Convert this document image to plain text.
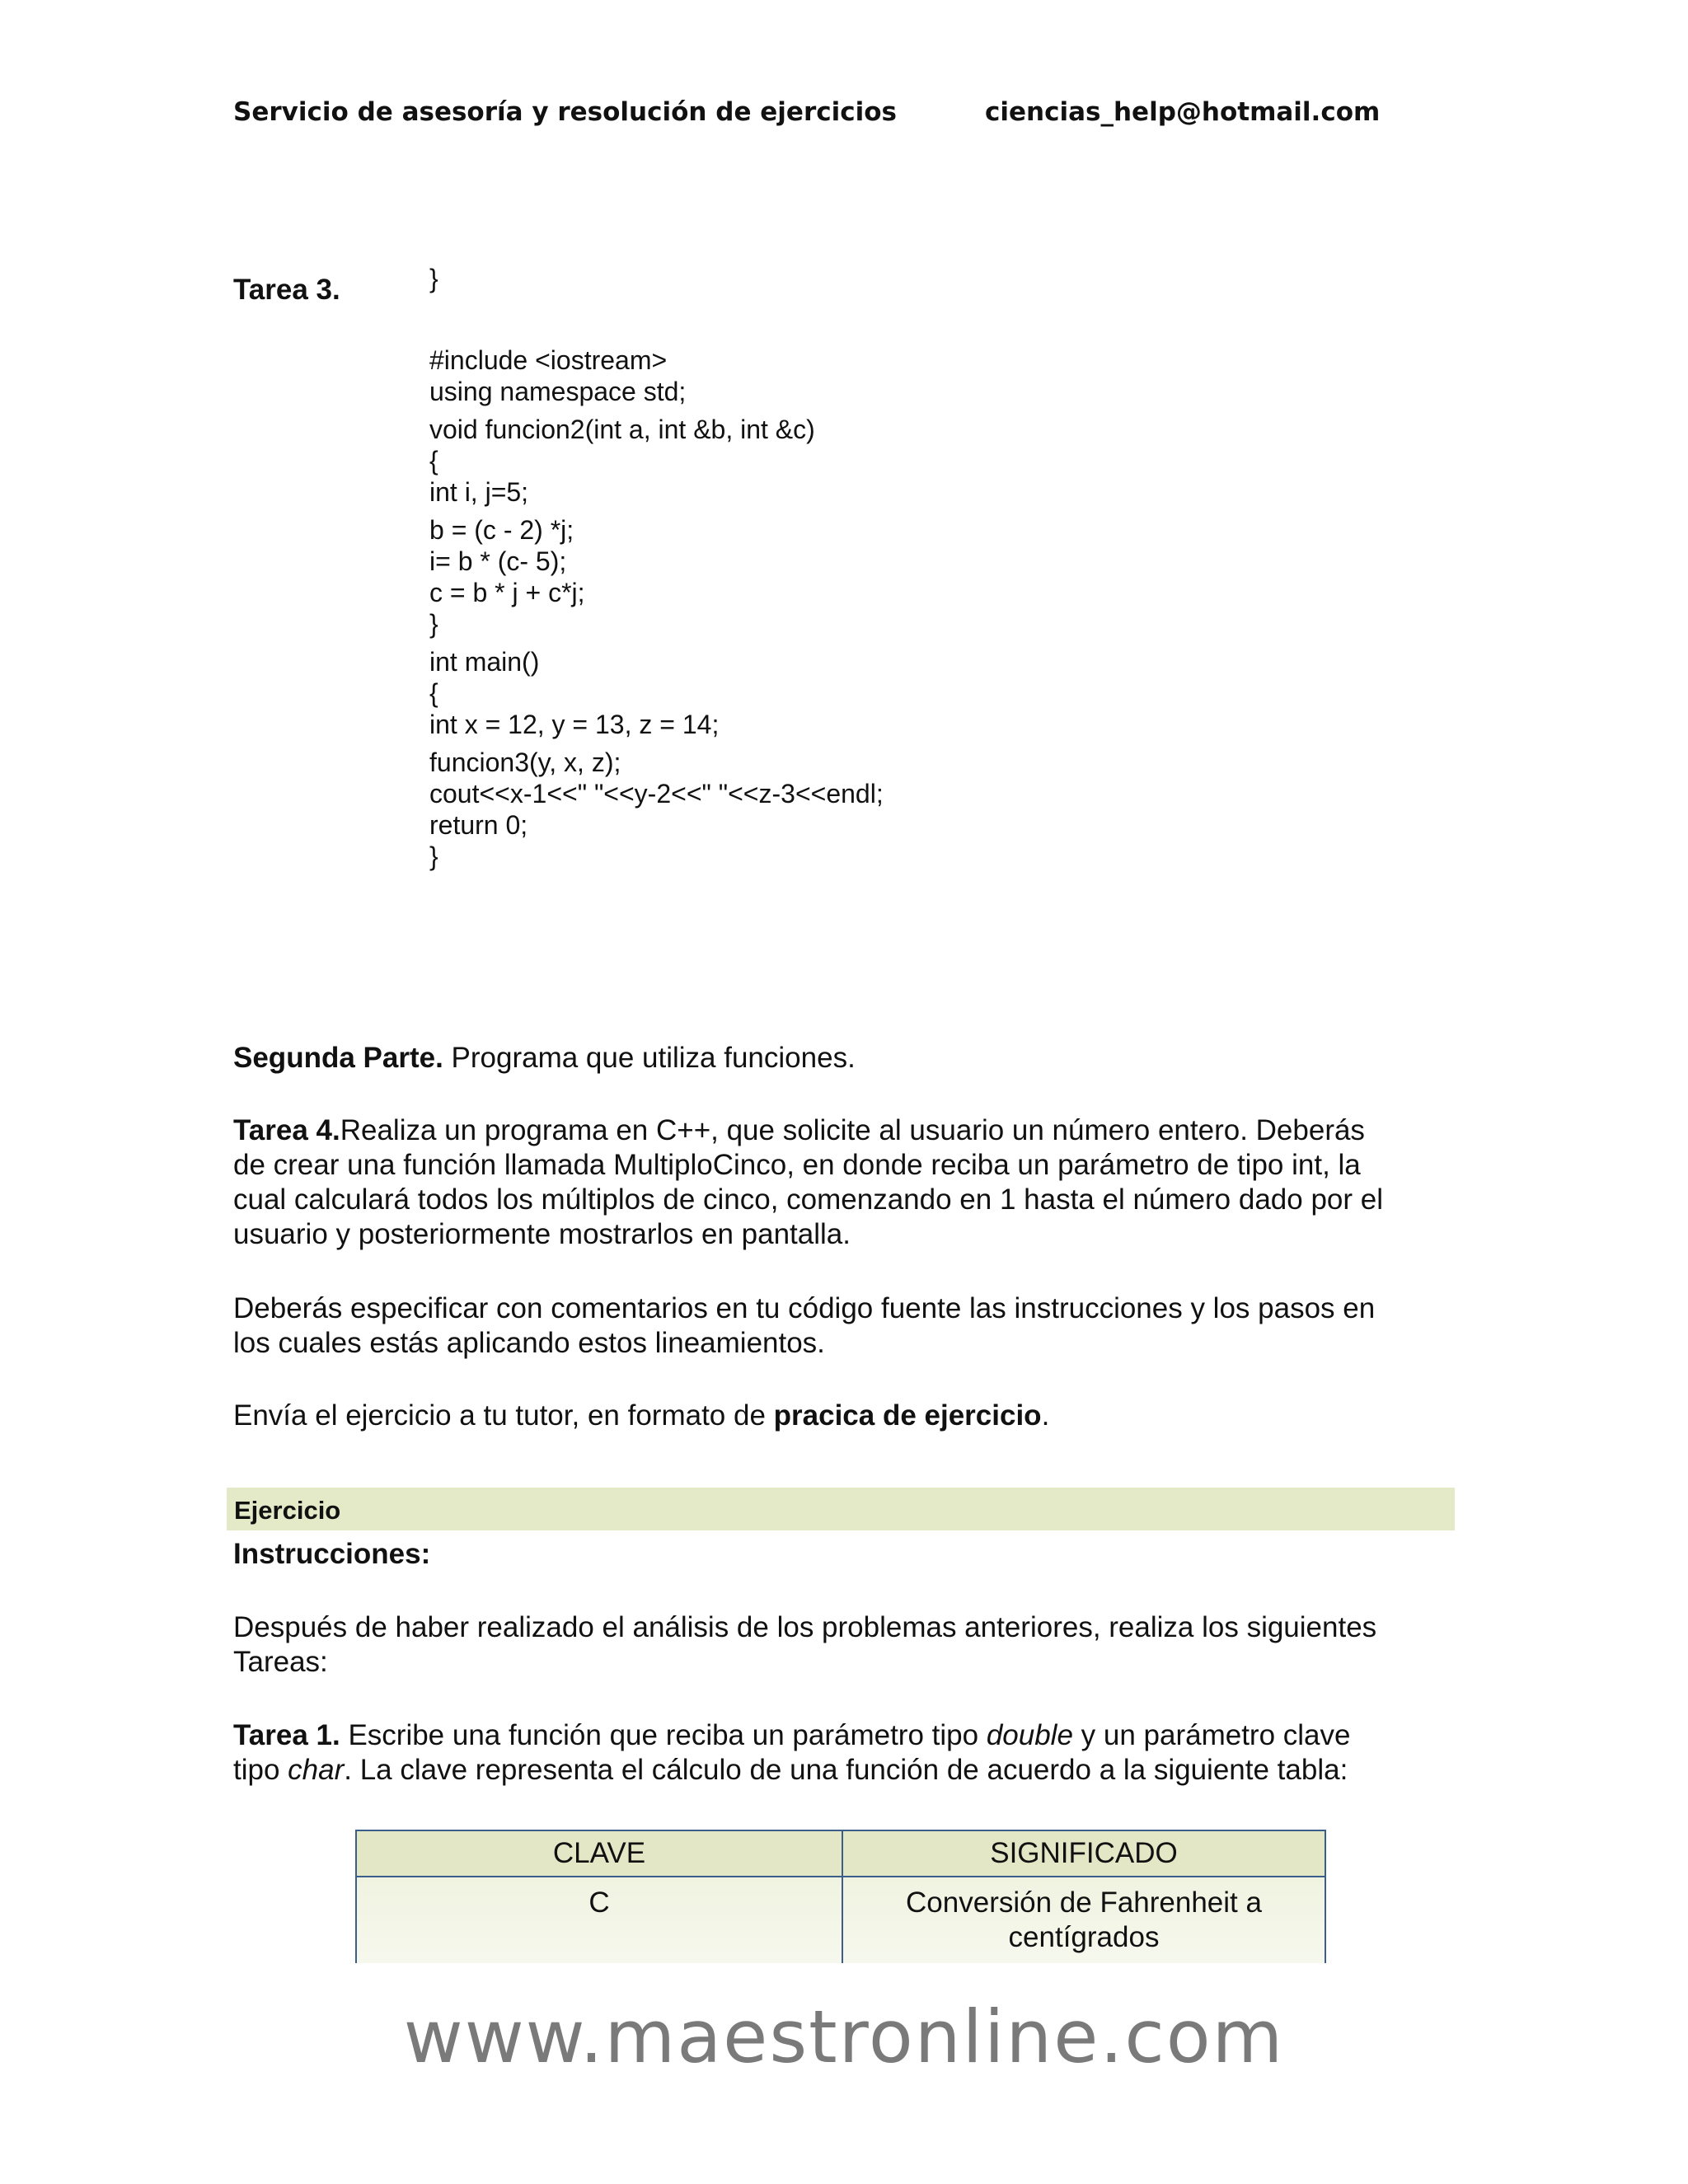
Servicio de asesoría y resolución de ejercicios	ciencias_help@hotmail.com

}

Tarea 3.
#include <iostream>
using namespace std;
void funcion2(int a, int &b, int &c)
{
int i, j=5;
b = (c - 2) *j;
i= b * (c- 5);
c = b * j + c*j;
}
int main()
{
int x = 12, y = 13, z = 14;
funcion3(y, x, z);
cout<<x-1<<" "<<y-2<<" "<<z-3<<endl;
return 0;
}
Segunda Parte. Programa que utiliza funciones.
Tarea 4.Realiza un programa en C++, que solicite al usuario un número entero. Deberás
de crear una función llamada MultiploCinco, en donde reciba un parámetro de tipo int, la
cual calculará todos los múltiplos de cinco, comenzando en 1 hasta el número dado por el
usuario y posteriormente mostrarlos en pantalla.
Deberás especificar con comentarios en tu código fuente las instrucciones y los pasos en
los cuales estás aplicando estos lineamientos.
Envía el ejercicio a tu tutor, en formato de pracica de ejercicio.
Ejercicio
Instrucciones:
Después de haber realizado el análisis de los problemas anteriores, realiza los siguientes
Tareas:
Tarea 1. Escribe una función que reciba un parámetro tipo double y un parámetro clave
tipo char. La clave representa el cálculo de una función de acuerdo a la siguiente tabla:
CLAVE	SIGNIFICADO
C	Conversión de Fahrenheit a
centígrados
www.maestronline.com
